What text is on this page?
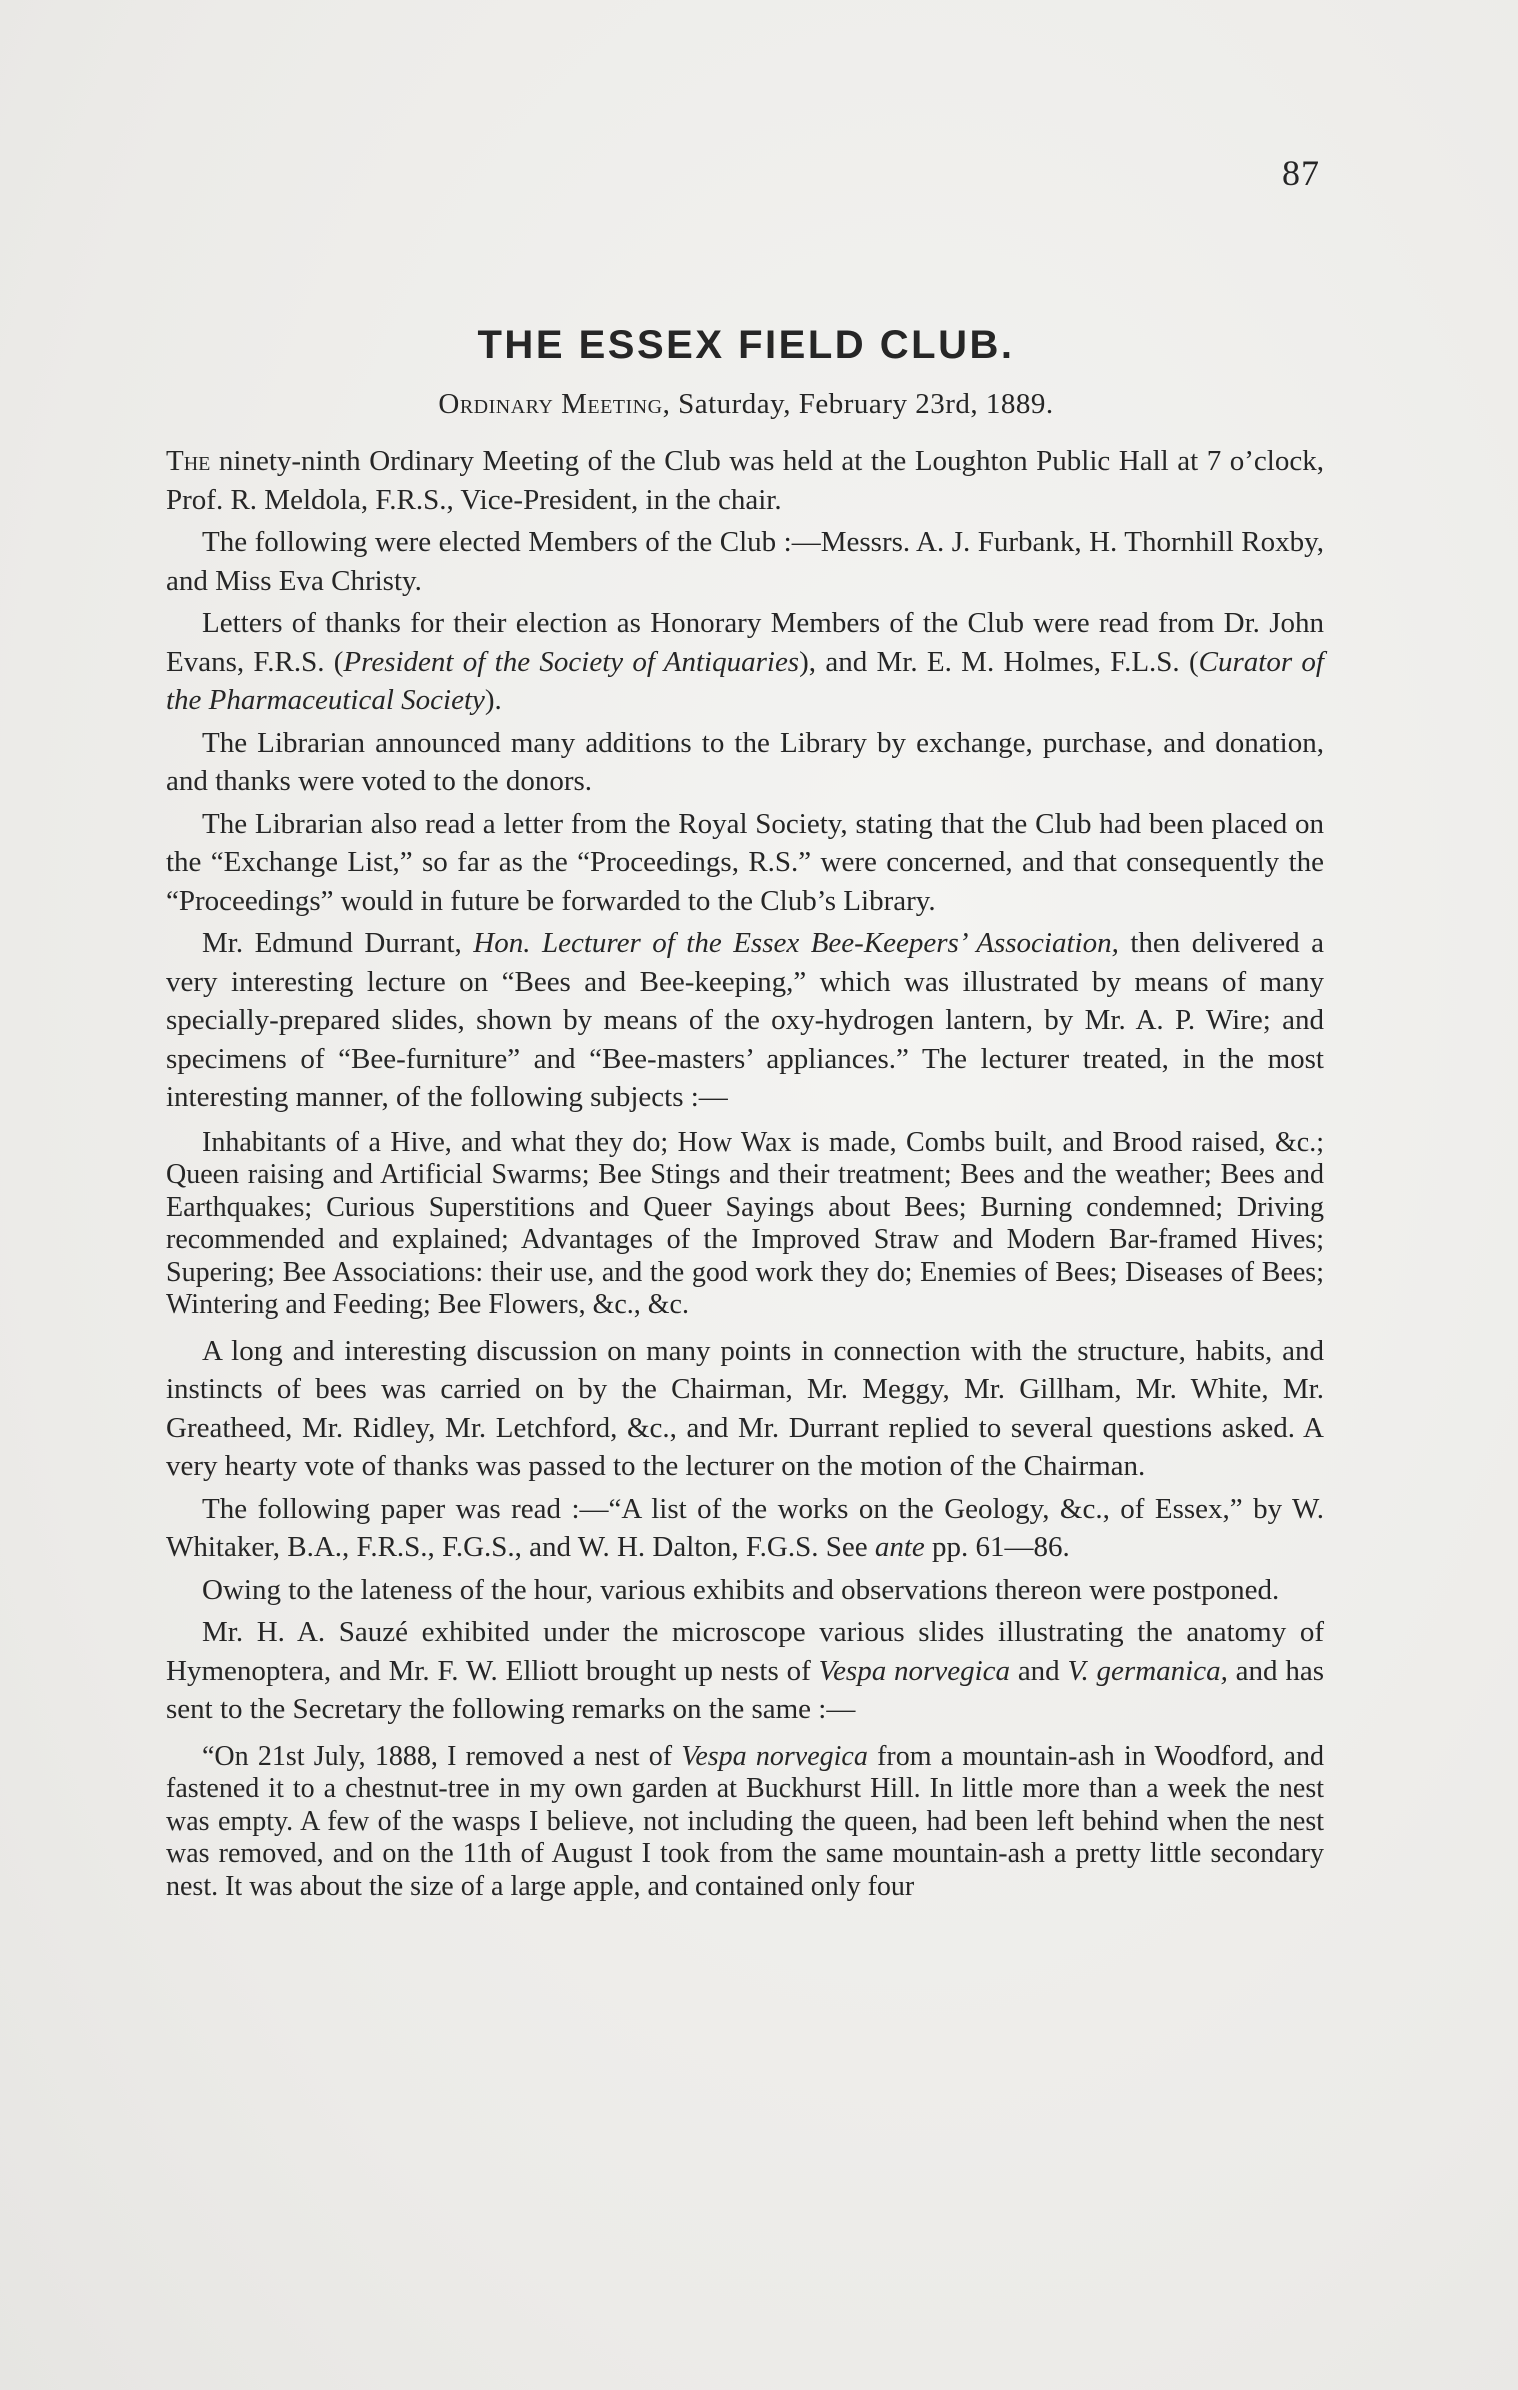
87
THE ESSEX FIELD CLUB.
Ordinary Meeting, Saturday, February 23rd, 1889.

The ninety-ninth Ordinary Meeting of the Club was held at the Loughton Public Hall at 7 o’clock, Prof. R. Meldola, F.R.S., Vice-President, in the chair.

The following were elected Members of the Club :—Messrs. A. J. Furbank, H. Thornhill Roxby, and Miss Eva Christy.

Letters of thanks for their election as Honorary Members of the Club were read from Dr. John Evans, F.R.S. (President of the Society of Antiquaries), and Mr. E. M. Holmes, F.L.S. (Curator of the Pharmaceutical Society).

The Librarian announced many additions to the Library by exchange, purchase, and donation, and thanks were voted to the donors.

The Librarian also read a letter from the Royal Society, stating that the Club had been placed on the “Exchange List,” so far as the “Proceedings, R.S.” were concerned, and that consequently the “Proceedings” would in future be forwarded to the Club’s Library.

Mr. Edmund Durrant, Hon. Lecturer of the Essex Bee-Keepers’ Association, then delivered a very interesting lecture on “Bees and Bee-keeping,” which was illustrated by means of many specially-prepared slides, shown by means of the oxy-hydrogen lantern, by Mr. A. P. Wire; and specimens of “Bee-furniture” and “Bee-masters’ appliances.” The lecturer treated, in the most interesting manner, of the following subjects :—

Inhabitants of a Hive, and what they do; How Wax is made, Combs built, and Brood raised, &c.; Queen raising and Artificial Swarms; Bee Stings and their treatment; Bees and the weather; Bees and Earthquakes; Curious Superstitions and Queer Sayings about Bees; Burning condemned; Driving recommended and explained; Advantages of the Improved Straw and Modern Bar-framed Hives; Supering; Bee Associations: their use, and the good work they do; Enemies of Bees; Diseases of Bees; Wintering and Feeding; Bee Flowers, &c., &c.

A long and interesting discussion on many points in connection with the structure, habits, and instincts of bees was carried on by the Chairman, Mr. Meggy, Mr. Gillham, Mr. White, Mr. Greatheed, Mr. Ridley, Mr. Letchford, &c., and Mr. Durrant replied to several questions asked. A very hearty vote of thanks was passed to the lecturer on the motion of the Chairman.

The following paper was read :—“A list of the works on the Geology, &c., of Essex,” by W. Whitaker, B.A., F.R.S., F.G.S., and W. H. Dalton, F.G.S. See ante pp. 61—86.

Owing to the lateness of the hour, various exhibits and observations thereon were postponed.

Mr. H. A. Sauzé exhibited under the microscope various slides illustrating the anatomy of Hymenoptera, and Mr. F. W. Elliott brought up nests of Vespa norvegica and V. germanica, and has sent to the Secretary the following remarks on the same :—

“On 21st July, 1888, I removed a nest of Vespa norvegica from a mountain-ash in Woodford, and fastened it to a chestnut-tree in my own garden at Buckhurst Hill. In little more than a week the nest was empty. A few of the wasps I believe, not including the queen, had been left behind when the nest was removed, and on the 11th of August I took from the same mountain-ash a pretty little secondary nest. It was about the size of a large apple, and contained only four
